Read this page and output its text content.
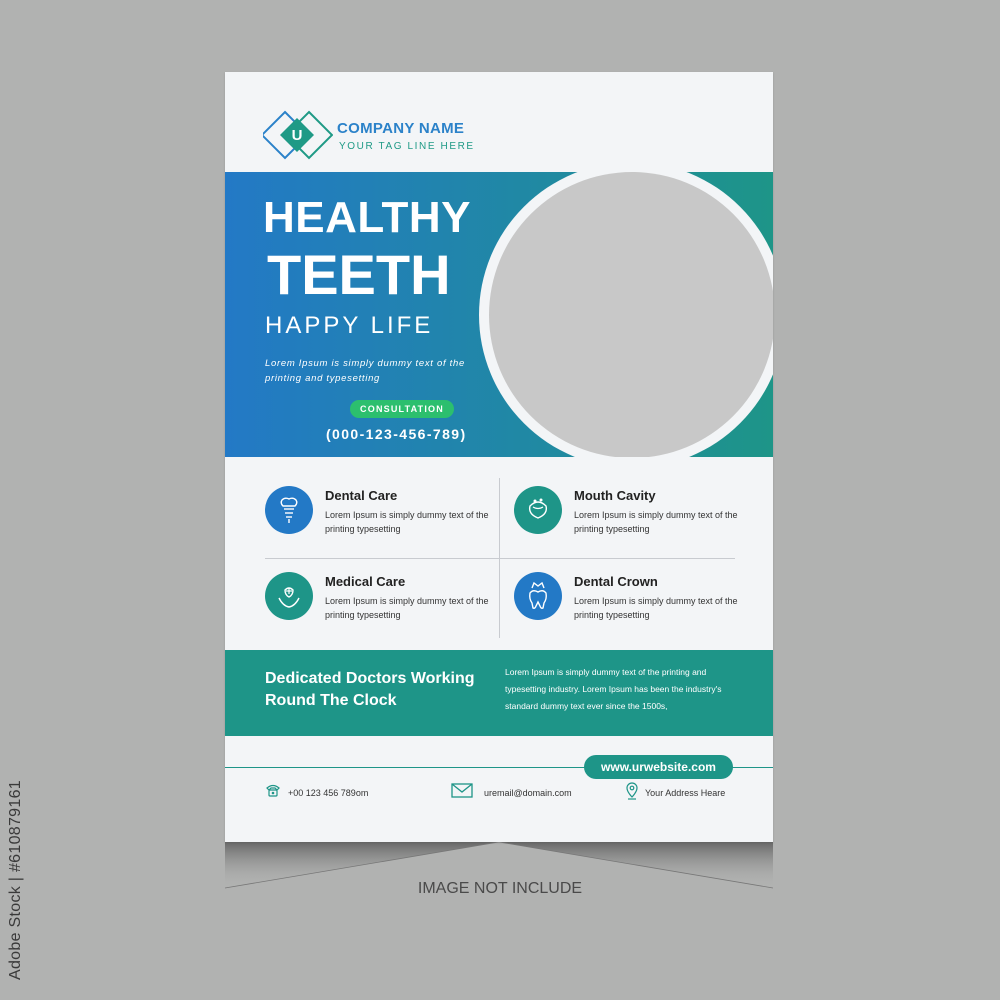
U COMPANY NAME
YOUR TAG LINE HERE
HEALTHY
TEETH
HAPPY LIFE
Lorem Ipsum is simply dummy text of the printing and typesetting
CONSULTATION
(000-123-456-789)
Dental Care
Lorem Ipsum is simply dummy text of the printing typesetting
Mouth Cavity
Lorem Ipsum is simply dummy text of the printing typesetting
Medical Care
Lorem Ipsum is simply dummy text of the printing typesetting
Dental Crown
Lorem Ipsum is simply dummy text of the printing typesetting
Dedicated Doctors Working Round The Clock
Lorem Ipsum is simply dummy text of the printing and typesetting industry. Lorem Ipsum has been the industry's standard dummy text ever since the 1500s,
www.urwebsite.com
+00 123 456 789om	uremail@domain.com	Your Address Heare
IMAGE NOT INCLUDE
Adobe Stock | #610879161
